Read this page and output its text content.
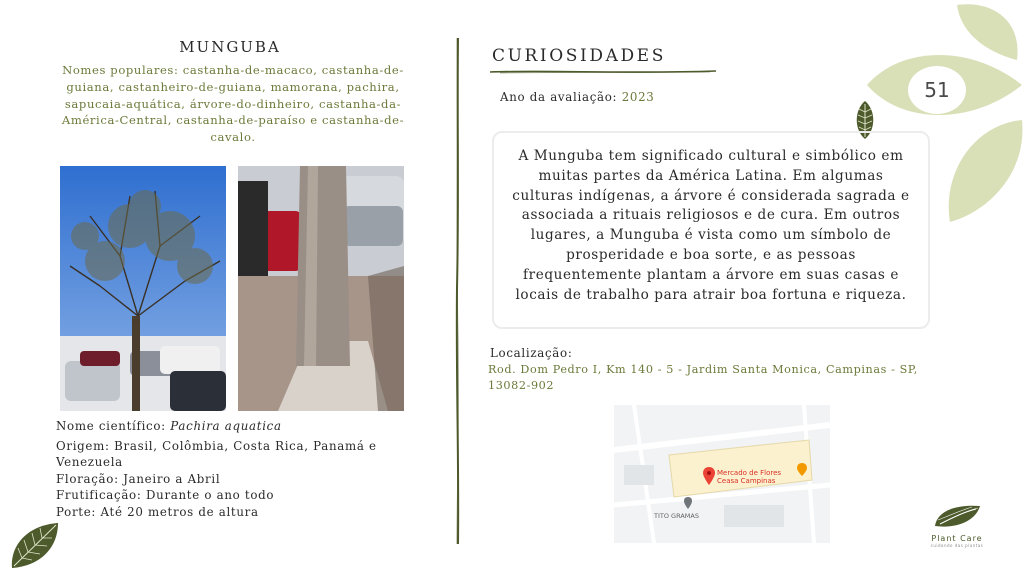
51
MUNGUBA
Nomes populares: castanha-de-macaco, castanha-de-guiana, castanheiro-de-guiana, mamorana, pachira, sapucaia-aquática, árvore-do-dinheiro, castanha-da-América-Central, castanha-de-paraíso e castanha-de-cavalo.
Nome científico: Pachira aquatica
Origem: Brasil, Colômbia, Costa Rica, Panamá e Venezuela
Floração: Janeiro a Abril
Frutificação: Durante o ano todo
Porte: Até 20 metros de altura
CURIOSIDADES
Ano da avaliação: 2023
A Munguba tem significado cultural e simbólico em muitas partes da América Latina. Em algumas culturas indígenas, a árvore é considerada sagrada e associada a rituais religiosos e de cura. Em outros lugares, a Munguba é vista como um símbolo de prosperidade e boa sorte, e as pessoas frequentemente plantam a árvore em suas casas e locais de trabalho para atrair boa fortuna e riqueza.
Localização:
Rod. Dom Pedro I, Km 140 - 5 - Jardim Santa Monica, Campinas - SP, 13082-902
Mercado de Flores
Ceasa Campinas
TITO GRAMAS
Plant Care
cuidando das plantas
